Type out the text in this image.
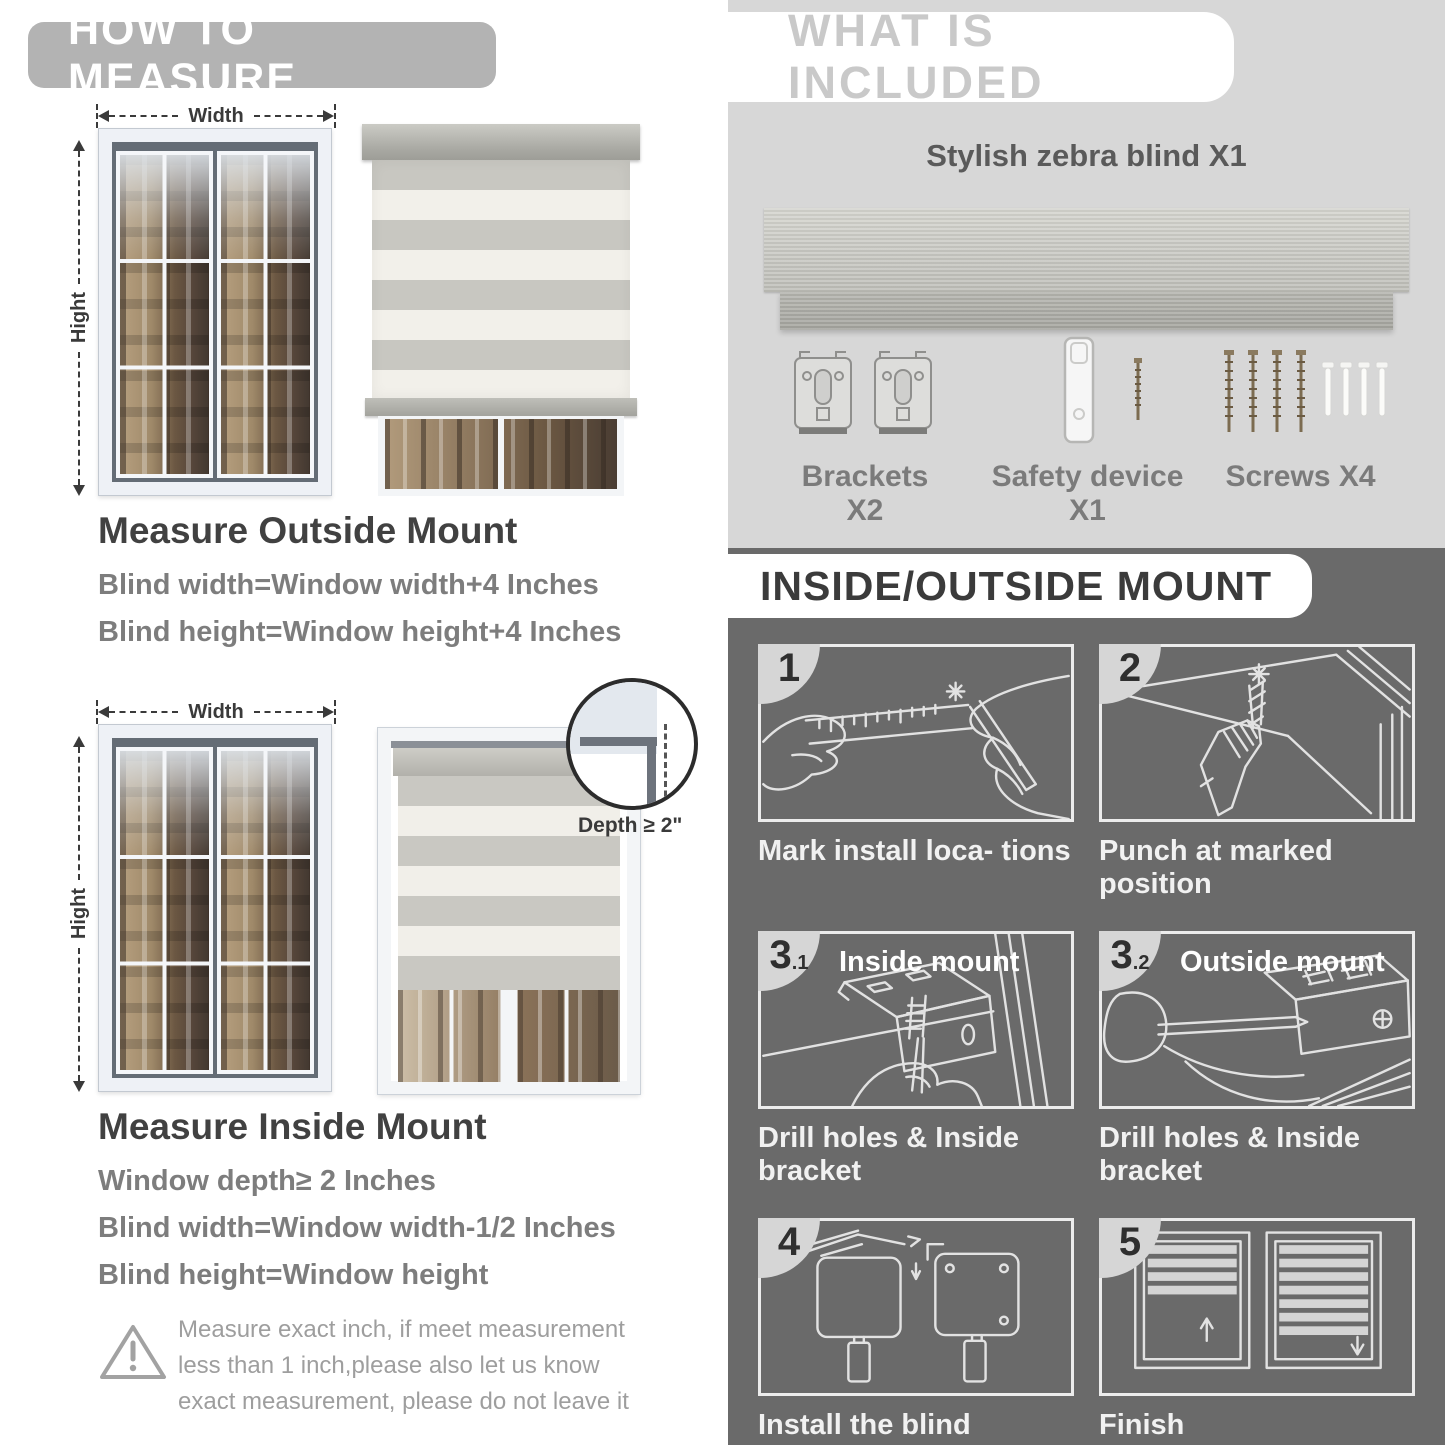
HOW TO MEASURE
Width
Hight
Measure Outside Mount
Blind width=Window width+4 Inches
Blind height=Window height+4 Inches
Width
Hight
Depth ≥ 2"
Measure Inside Mount
Window depth≥ 2 Inches
Blind width=Window width-1/2 Inches
Blind height=Window height
Measure exact inch, if meet measurement less than 1 inch,please also let us know exact measurement, please do not leave it
WHAT IS INCLUDED
Stylish zebra blind X1
Brackets X2
Safety device X1
Screws X4
INSIDE/OUTSIDE MOUNT
1
Mark install loca- tions
2
Punch at marked position
3 .1 Inside mount
Drill holes & Inside bracket
3 .2 Outside mount
Drill holes & Inside bracket
4
Install the blind
5
Finish
